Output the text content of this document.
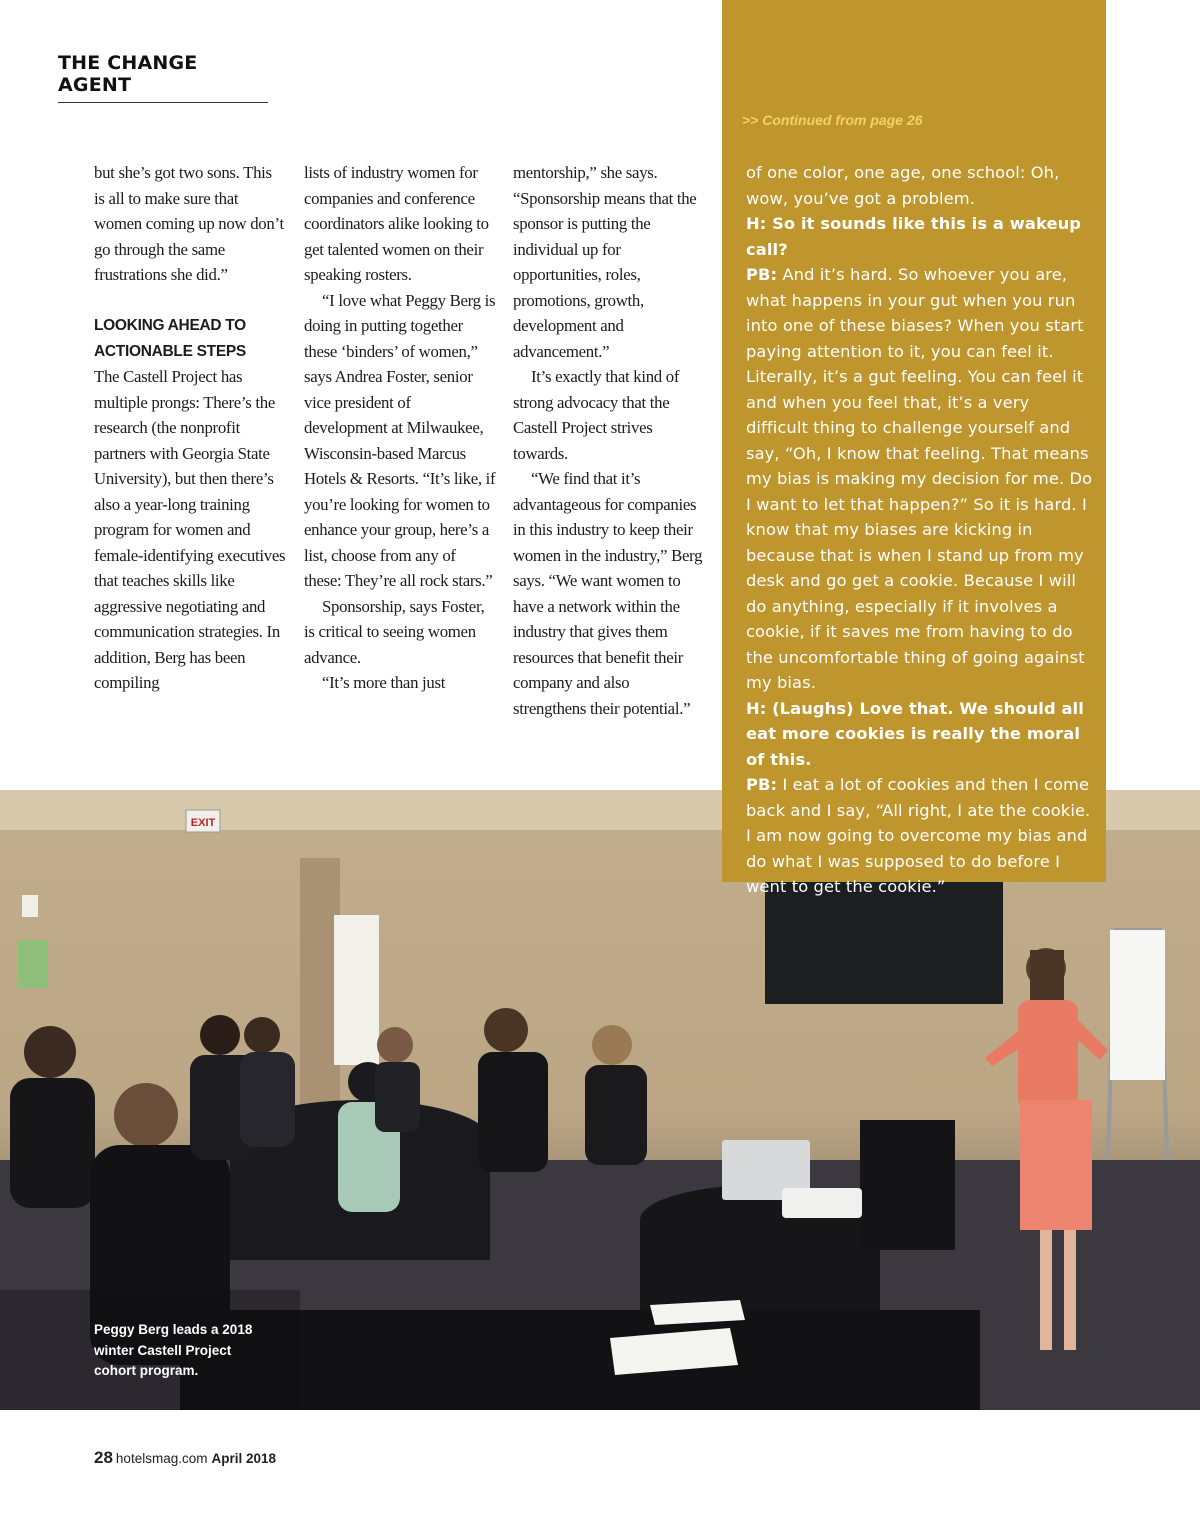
THE CHANGE AGENT

but she’s got two sons. This is all to make sure that women coming up now don’t go through the same frustrations she did.”

LOOKING AHEAD TO ACTIONABLE STEPS

The Castell Project has multiple prongs: There’s the research (the nonprofit partners with Georgia State University), but then there’s also a year-long training program for women and female-identifying executives that teaches skills like aggressive negotiating and communication strategies. In addition, Berg has been compiling

lists of industry women for companies and conference coordinators alike looking to get talented women on their speaking rosters.

“I love what Peggy Berg is doing in putting together these ‘binders’ of women,” says Andrea Foster, senior vice president of development at Milwaukee, Wisconsin-based Marcus Hotels & Resorts. “It’s like, if you’re looking for women to enhance your group, here’s a list, choose from any of these: They’re all rock stars.”

Sponsorship, says Foster, is critical to seeing women advance.

“It’s more than just

mentorship,” she says. “Sponsorship means that the sponsor is putting the individual up for opportunities, roles, promotions, growth, development and advancement.”

It’s exactly that kind of strong advocacy that the Castell Project strives towards.

“We find that it’s advantageous for companies in this industry to keep their women in the industry,” Berg says. “We want women to have a network within the industry that gives them resources that benefit their company and also strengthens their potential.”

EXIT
Peggy Berg leads a 2018 winter Castell Project cohort program.
>> Continued from page 26

of one color, one age, one school: Oh, wow, you’ve got a problem.

H: So it sounds like this is a wakeup call?

PB: And it’s hard. So whoever you are, what happens in your gut when you run into one of these biases? When you start paying attention to it, you can feel it. Literally, it’s a gut feeling. You can feel it and when you feel that, it’s a very difficult thing to challenge yourself and say, “Oh, I know that feeling. That means my bias is making my decision for me. Do I want to let that happen?” So it is hard. I know that my biases are kicking in because that is when I stand up from my desk and go get a cookie. Because I will do anything, especially if it involves a cookie, if it saves me from having to do the uncomfortable thing of going against my bias.

H: (Laughs) Love that. We should all eat more cookies is really the moral of this.

PB: I eat a lot of cookies and then I come back and I say, “All right, I ate the cookie. I am now going to overcome my bias and do what I was supposed to do before I went to get the cookie.”

28 hotelsmag.com April 2018
